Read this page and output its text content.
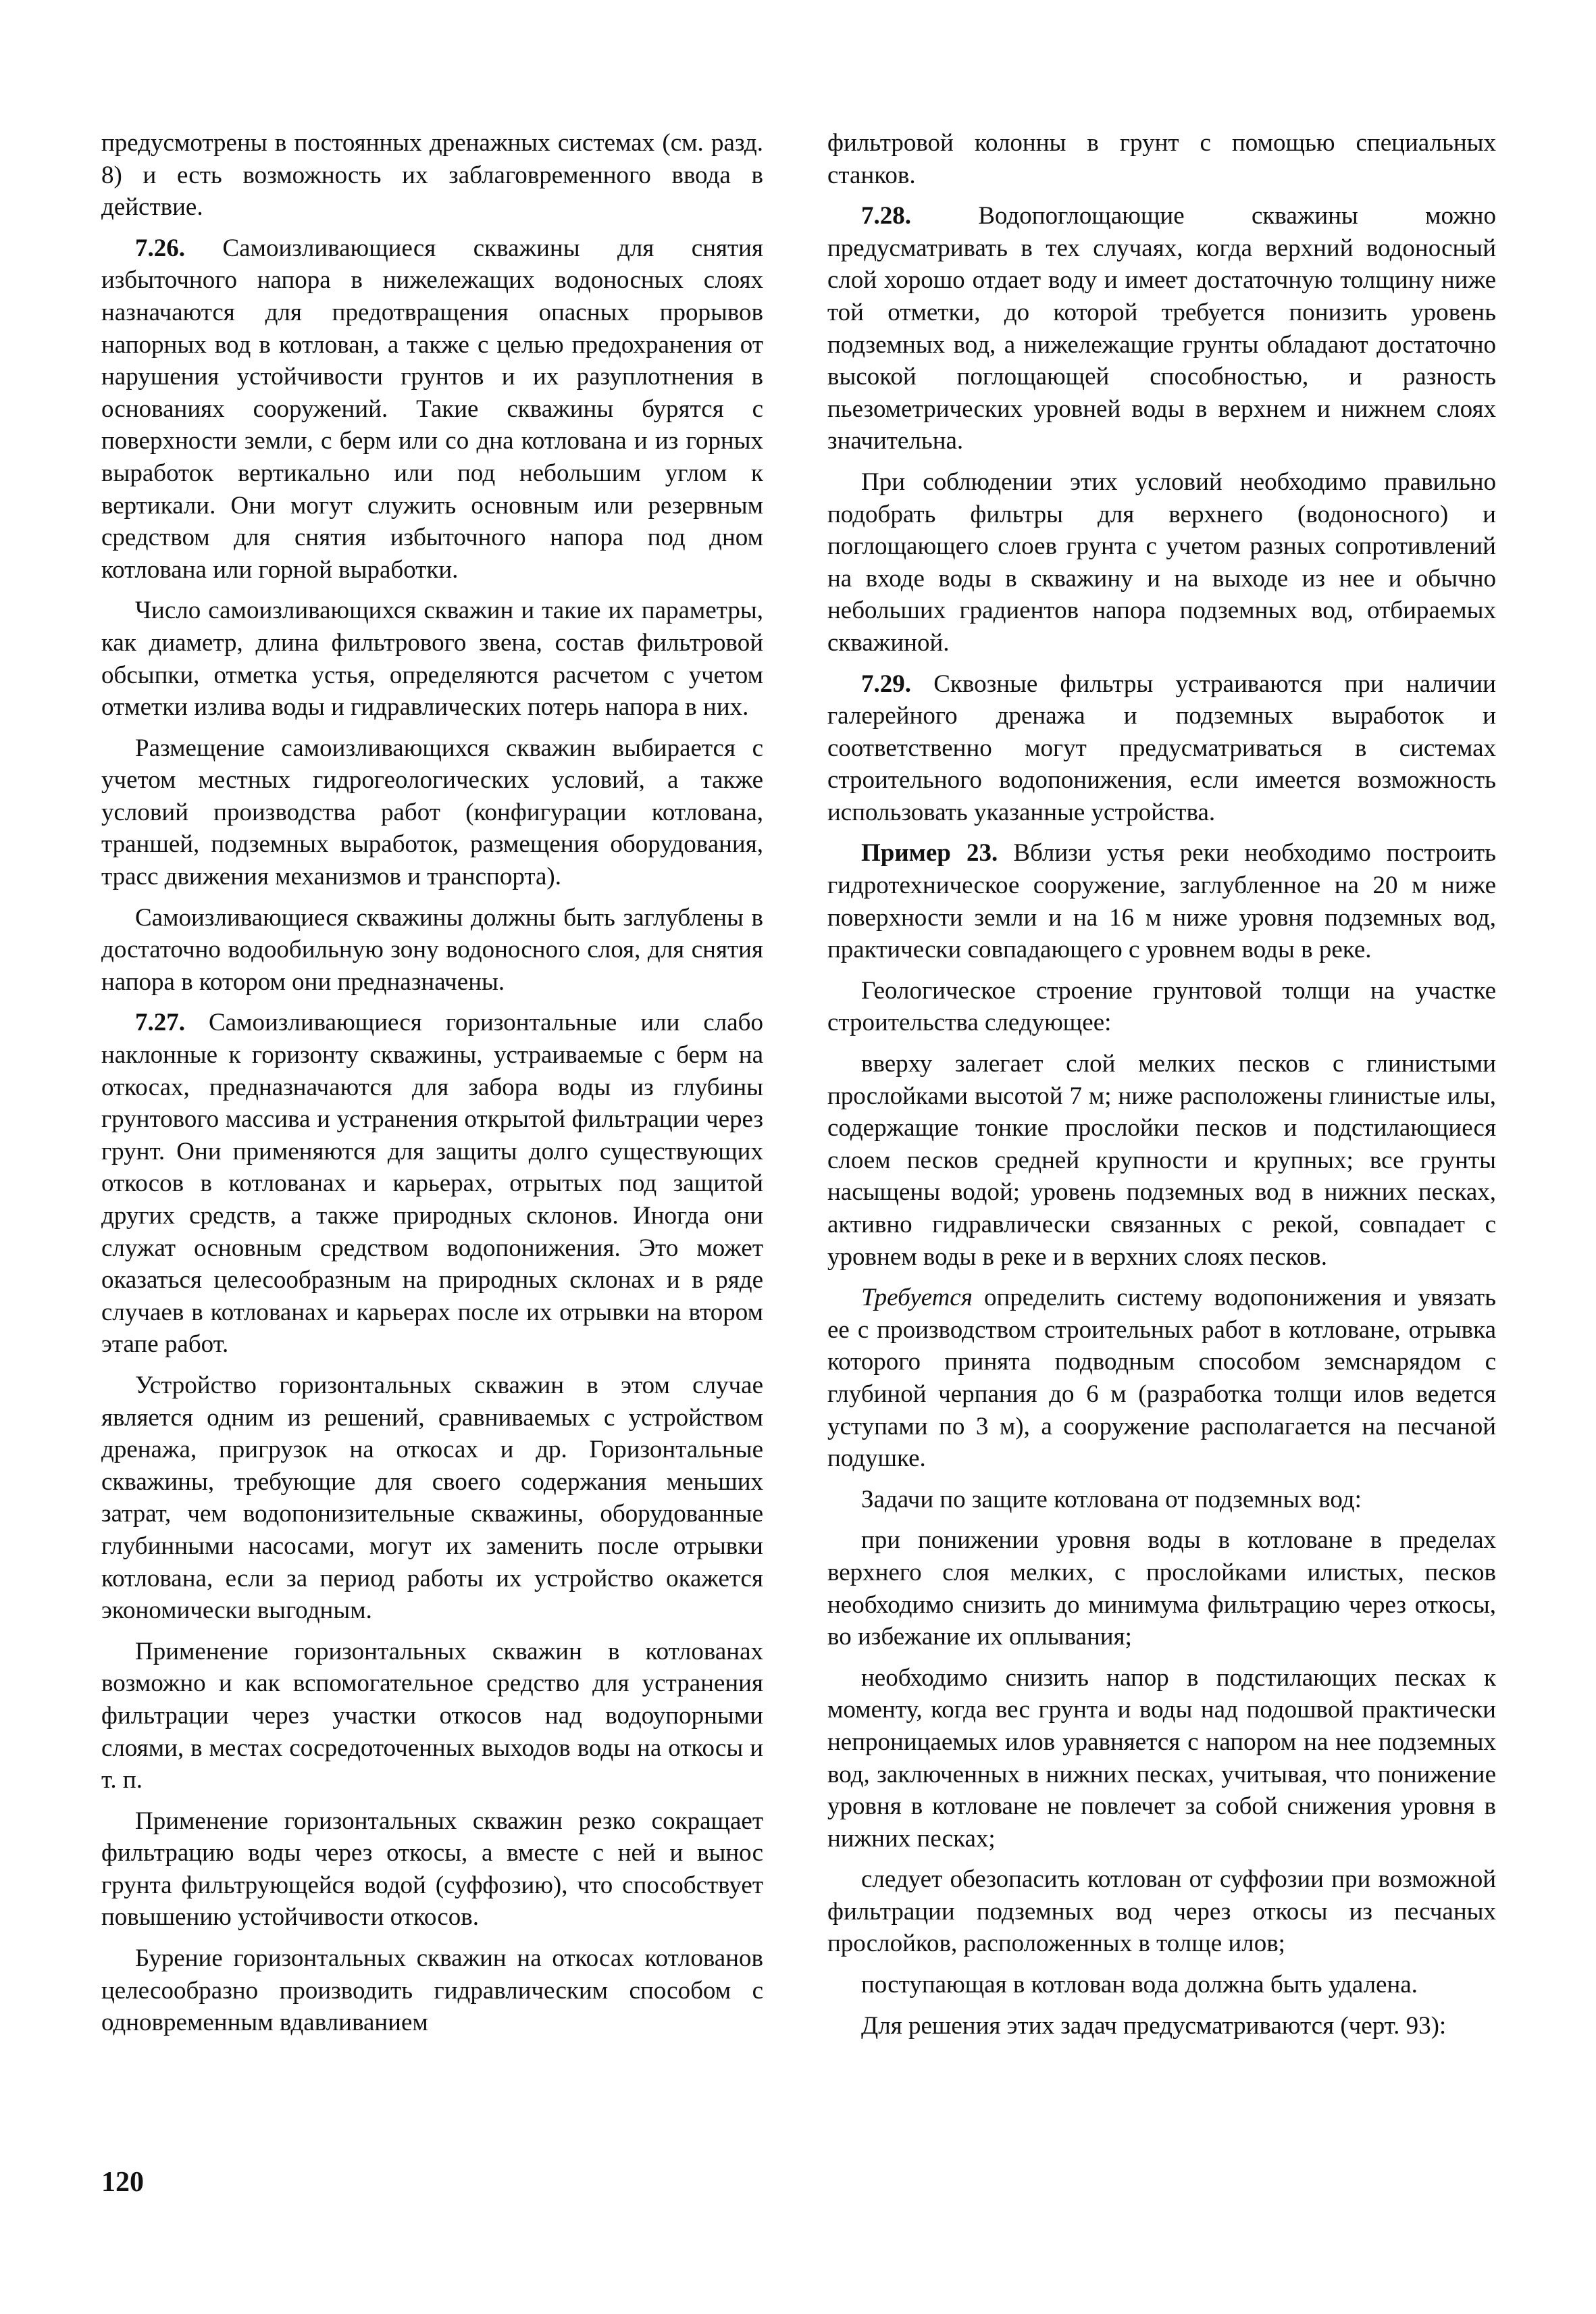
предусмотрены в постоянных дренажных системах (см. разд. 8) и есть возможность их заблаговременного ввода в действие.

7.26. Самоизливающиеся скважины для снятия избыточного напора в нижележащих водоносных слоях назначаются для предотвращения опасных прорывов напорных вод в котлован, а также с целью предохранения от нарушения устойчивости грунтов и их разуплотнения в основаниях сооружений. Такие скважины бурятся с поверхности земли, с берм или со дна котлована и из горных выработок вертикально или под небольшим углом к вертикали. Они могут служить основным или резервным средством для снятия избыточного напора под дном котлована или горной выработки.

Число самоизливающихся скважин и такие их параметры, как диаметр, длина фильтрового звена, состав фильтровой обсыпки, отметка устья, определяются расчетом с учетом отметки излива воды и гидравлических потерь напора в них.

Размещение самоизливающихся скважин выбирается с учетом местных гидрогеологических условий, а также условий производства работ (конфигурации котлована, траншей, подземных выработок, размещения оборудования, трасс движения механизмов и транспорта).

Самоизливающиеся скважины должны быть заглублены в достаточно водообильную зону водоносного слоя, для снятия напора в котором они предназначены.

7.27. Самоизливающиеся горизонтальные или слабо наклонные к горизонту скважины, устраиваемые с берм на откосах, предназначаются для забора воды из глубины грунтового массива и устранения открытой фильтрации через грунт. Они применяются для защиты долго существующих откосов в котлованах и карьерах, отрытых под защитой других средств, а также природных склонов. Иногда они служат основным средством водопонижения. Это может оказаться целесообразным на природных склонах и в ряде случаев в котлованах и карьерах после их отрывки на втором этапе работ.

Устройство горизонтальных скважин в этом случае является одним из решений, сравниваемых с устройством дренажа, пригрузок на откосах и др. Горизонтальные скважины, требующие для своего содержания меньших затрат, чем водопонизительные скважины, оборудованные глубинными насосами, могут их заменить после отрывки котлована, если за период работы их устройство окажется экономически выгодным.

Применение горизонтальных скважин в котлованах возможно и как вспомогательное средство для устранения фильтрации через участки откосов над водоупорными слоями, в местах сосредоточенных выходов воды на откосы и т. п.

Применение горизонтальных скважин резко сокращает фильтрацию воды через откосы, а вместе с ней и вынос грунта фильтрующейся водой (суффозию), что способствует повышению устойчивости откосов.

Бурение горизонтальных скважин на откосах котлованов целесообразно производить гидравлическим способом с одновременным вдавливанием

фильтровой колонны в грунт с помощью специальных станков.

7.28. Водопоглощающие скважины можно предусматривать в тех случаях, когда верхний водоносный слой хорошо отдает воду и имеет достаточную толщину ниже той отметки, до которой требуется понизить уровень подземных вод, а нижележащие грунты обладают достаточно высокой поглощающей способностью, и разность пьезометрических уровней воды в верхнем и нижнем слоях значительна.

При соблюдении этих условий необходимо правильно подобрать фильтры для верхнего (водоносного) и поглощающего слоев грунта с учетом разных сопротивлений на входе воды в скважину и на выходе из нее и обычно небольших градиентов напора подземных вод, отбираемых скважиной.

7.29. Сквозные фильтры устраиваются при наличии галерейного дренажа и подземных выработок и соответственно могут предусматриваться в системах строительного водопонижения, если имеется возможность использовать указанные устройства.

Пример 23. Вблизи устья реки необходимо построить гидротехническое сооружение, заглубленное на 20 м ниже поверхности земли и на 16 м ниже уровня подземных вод, практически совпадающего с уровнем воды в реке.

Геологическое строение грунтовой толщи на участке строительства следующее:

вверху залегает слой мелких песков с глинистыми прослойками высотой 7 м; ниже расположены глинистые илы, содержащие тонкие прослойки песков и подстилающиеся слоем песков средней крупности и крупных; все грунты насыщены водой; уровень подземных вод в нижних песках, активно гидравлически связанных с рекой, совпадает с уровнем воды в реке и в верхних слоях песков.

Требуется определить систему водопонижения и увязать ее с производством строительных работ в котловане, отрывка которого принята подводным способом земснарядом с глубиной черпания до 6 м (разработка толщи илов ведется уступами по 3 м), а сооружение располагается на песчаной подушке.

Задачи по защите котлована от подземных вод:

при понижении уровня воды в котловане в пределах верхнего слоя мелких, с прослойками илистых, песков необходимо снизить до минимума фильтрацию через откосы, во избежание их оплывания;

необходимо снизить напор в подстилающих песках к моменту, когда вес грунта и воды над подошвой практически непроницаемых илов уравняется с напором на нее подземных вод, заключенных в нижних песках, учитывая, что понижение уровня в котловане не повлечет за собой снижения уровня в нижних песках;

следует обезопасить котлован от суффозии при возможной фильтрации подземных вод через откосы из песчаных прослойков, расположенных в толще илов;

поступающая в котлован вода должна быть удалена.

Для решения этих задач предусматриваются (черт. 93):

120
